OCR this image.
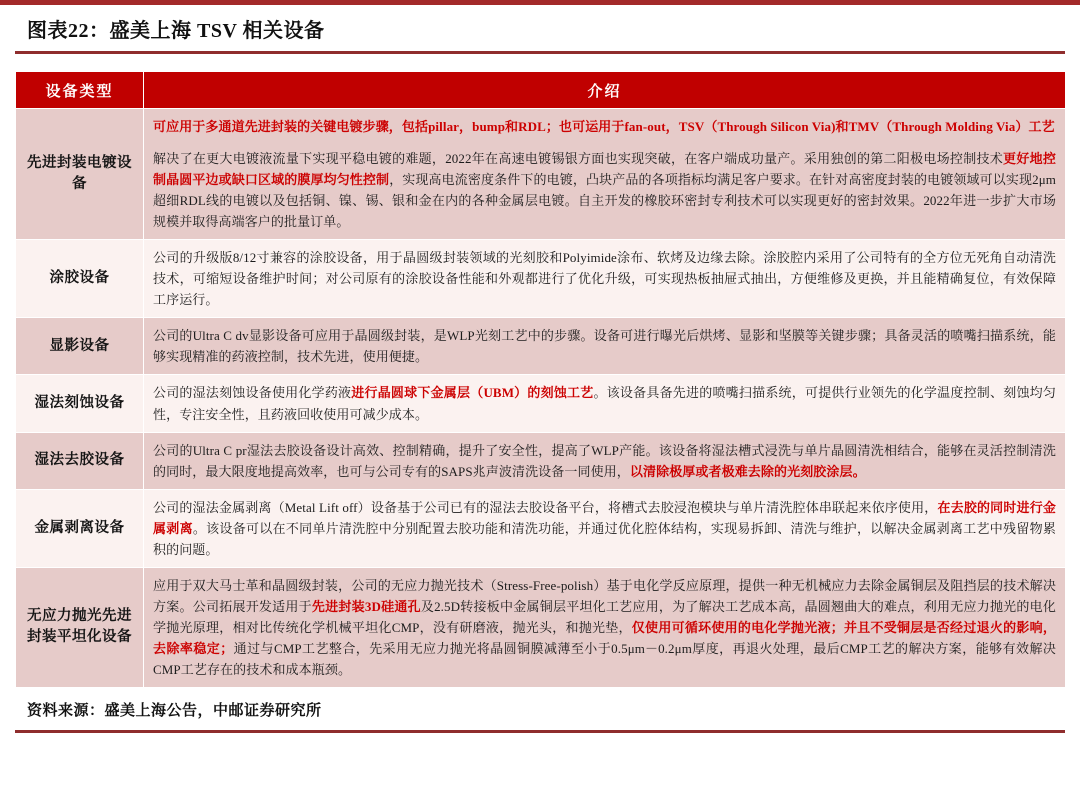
图表22：盛美上海 TSV 相关设备
设备类型	介绍
先进封装电镀设备	可应用于多通道先进封装的关键电镀步骤，包括pillar，bump和RDL；也可运用于fan-out，TSV（Through Silicon Via)和TMV（Through Molding Via）工艺

解决了在更大电镀液流量下实现平稳电镀的难题，2022年在高速电镀锡银方面也实现突破，在客户端成功量产。采用独创的第二阳极电场控制技术更好地控制晶圆平边或缺口区域的膜厚均匀性控制，实现高电流密度条件下的电镀，凸块产品的各项指标均满足客户要求。在针对高密度封装的电镀领域可以实现2μm超细RDL线的电镀以及包括铜、镍、锡、银和金在内的各种金属层电镀。自主开发的橡胶环密封专利技术可以实现更好的密封效果。2022年进一步扩大市场规模并取得高端客户的批量订单。

涂胶设备	公司的升级版8/12寸兼容的涂胶设备，用于晶圆级封装领域的光刻胶和Polyimide涂布、软烤及边缘去除。涂胶腔内采用了公司特有的全方位无死角自动清洗技术，可缩短设备维护时间；对公司原有的涂胶设备性能和外观都进行了优化升级，可实现热板抽屉式抽出，方便维修及更换，并且能精确复位，有效保障工序运行。

显影设备	公司的Ultra C dv显影设备可应用于晶圆级封装，是WLP光刻工艺中的步骤。设备可进行曝光后烘烤、显影和坚膜等关键步骤；具备灵活的喷嘴扫描系统，能够实现精准的药液控制，技术先进，使用便捷。

湿法刻蚀设备	公司的湿法刻蚀设备使用化学药液进行晶圆球下金属层（UBM）的刻蚀工艺。该设备具备先进的喷嘴扫描系统，可提供行业领先的化学温度控制、刻蚀均匀性，专注安全性，且药液回收使用可减少成本。

湿法去胶设备	公司的Ultra C pr湿法去胶设备设计高效、控制精确，提升了安全性，提高了WLP产能。该设备将湿法槽式浸洗与单片晶圆清洗相结合，能够在灵活控制清洗的同时，最大限度地提高效率，也可与公司专有的SAPS兆声波清洗设备一同使用，以清除极厚或者极难去除的光刻胶涂层。

金属剥离设备	公司的湿法金属剥离（Metal Lift off）设备基于公司已有的湿法去胶设备平台，将槽式去胶浸泡模块与单片清洗腔体串联起来依序使用，在去胶的同时进行金属剥离。该设备可以在不同单片清洗腔中分别配置去胶功能和清洗功能，并通过优化腔体结构，实现易拆卸、清洗与维护，以解决金属剥离工艺中残留物累积的问题。

无应力抛光先进封装平坦化设备	应用于双大马士革和晶圆级封装，公司的无应力抛光技术（Stress-Free-polish）基于电化学反应原理，提供一种无机械应力去除金属铜层及阻挡层的技术解决方案。公司拓展开发适用于先进封装3D硅通孔及2.5D转接板中金属铜层平坦化工艺应用，为了解决工艺成本高，晶圆翘曲大的难点，利用无应力抛光的电化学抛光原理，相对比传统化学机械平坦化CMP，没有研磨液，抛光头，和抛光垫，仅使用可循环使用的电化学抛光液；并且不受铜层是否经过退火的影响，去除率稳定；通过与CMP工艺整合，先采用无应力抛光将晶圆铜膜减薄至小于0.5μm－0.2μm厚度，再退火处理，最后CMP工艺的解决方案，能够有效解决CMP工艺存在的技术和成本瓶颈。

资料来源：盛美上海公告，中邮证券研究所
